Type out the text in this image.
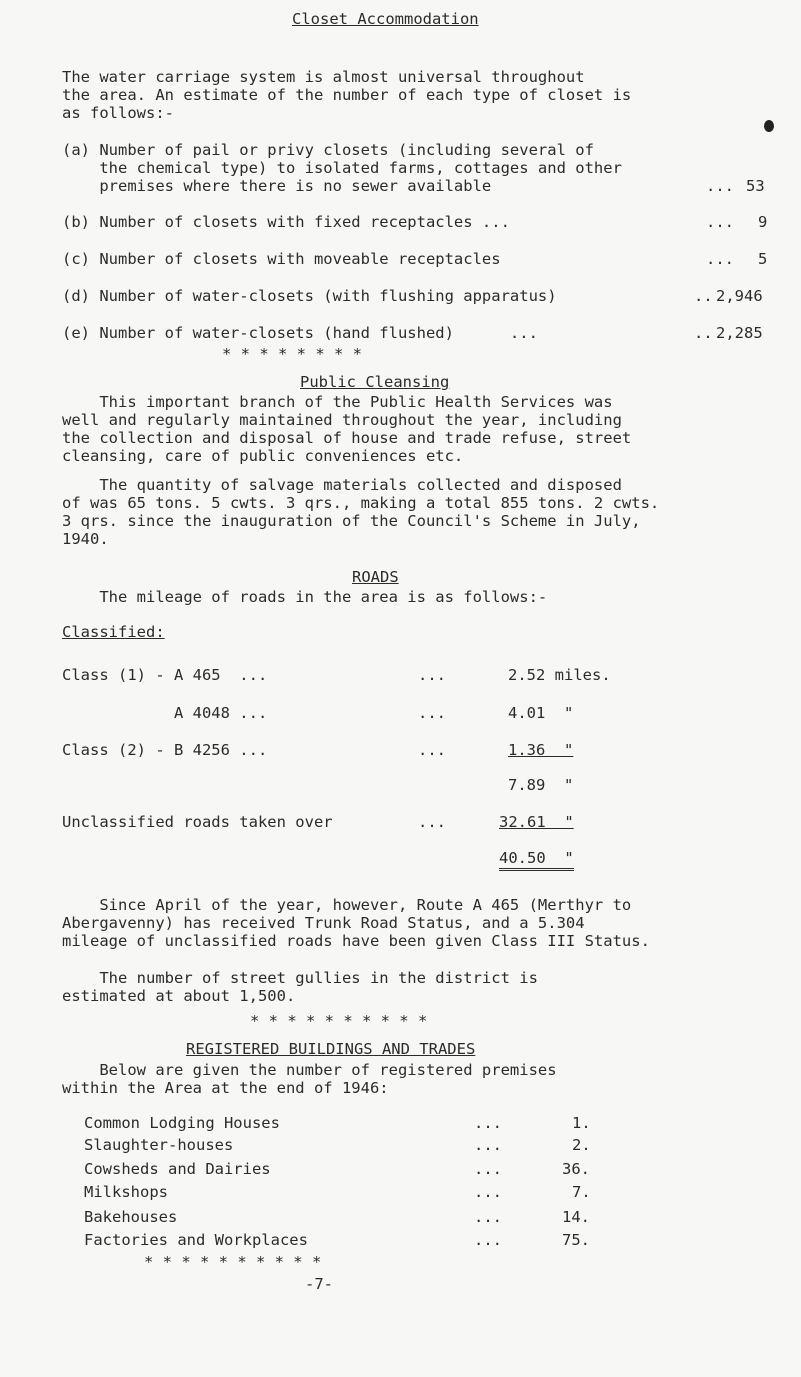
Closet Accommodation
The water carriage system is almost universal throughout
the area. An estimate of the number of each type of closet is
as follows:-
(a) Number of pail or privy closets (including several of
the chemical type) to isolated farms, cottages and other
premises where there is no sewer available	... 53
(b) Number of closets with fixed receptacles ...	... 9
(c) Number of closets with moveable receptacles	... 5
(d) Number of water-closets (with flushing apparatus)	.. 2,946
(e) Number of water-closets (hand flushed)      ...	.. 2,285
* * * * * * * *
Public Cleansing
This important branch of the Public Health Services was
well and regularly maintained throughout the year, including
the collection and disposal of house and trade refuse, street
cleansing, care of public conveniences etc.
The quantity of salvage materials collected and disposed
of was 65 tons. 5 cwts. 3 qrs., making a total 855 tons. 2 cwts.
3 qrs. since the inauguration of the Council's Scheme in July,
1940.
ROADS
The mileage of roads in the area is as follows:-
Classified:
Class (1) - A 465  ...	...	2.52 miles.
A 4048 ...	...	4.01  "
Class (2) - B 4256 ...	...	1.36  "
7.89  "
Unclassified roads taken over	...	32.61  "
40.50  "
Since April of the year, however, Route A 465 (Merthyr to
Abergavenny) has received Trunk Road Status, and a 5.304
mileage of unclassified roads have been given Class III Status.
The number of street gullies in the district is
estimated at about 1,500.
* * * * * * * * * *
REGISTERED BUILDINGS AND TRADES
Below are given the number of registered premises
within the Area at the end of 1946:
Common Lodging Houses	...	1.
Slaughter-houses	...	2.
Cowsheds and Dairies	...	36.
Milkshops	...	7.
Bakehouses	...	14.
Factories and Workplaces	...	75.
* * * * * * * * * *
-7-
